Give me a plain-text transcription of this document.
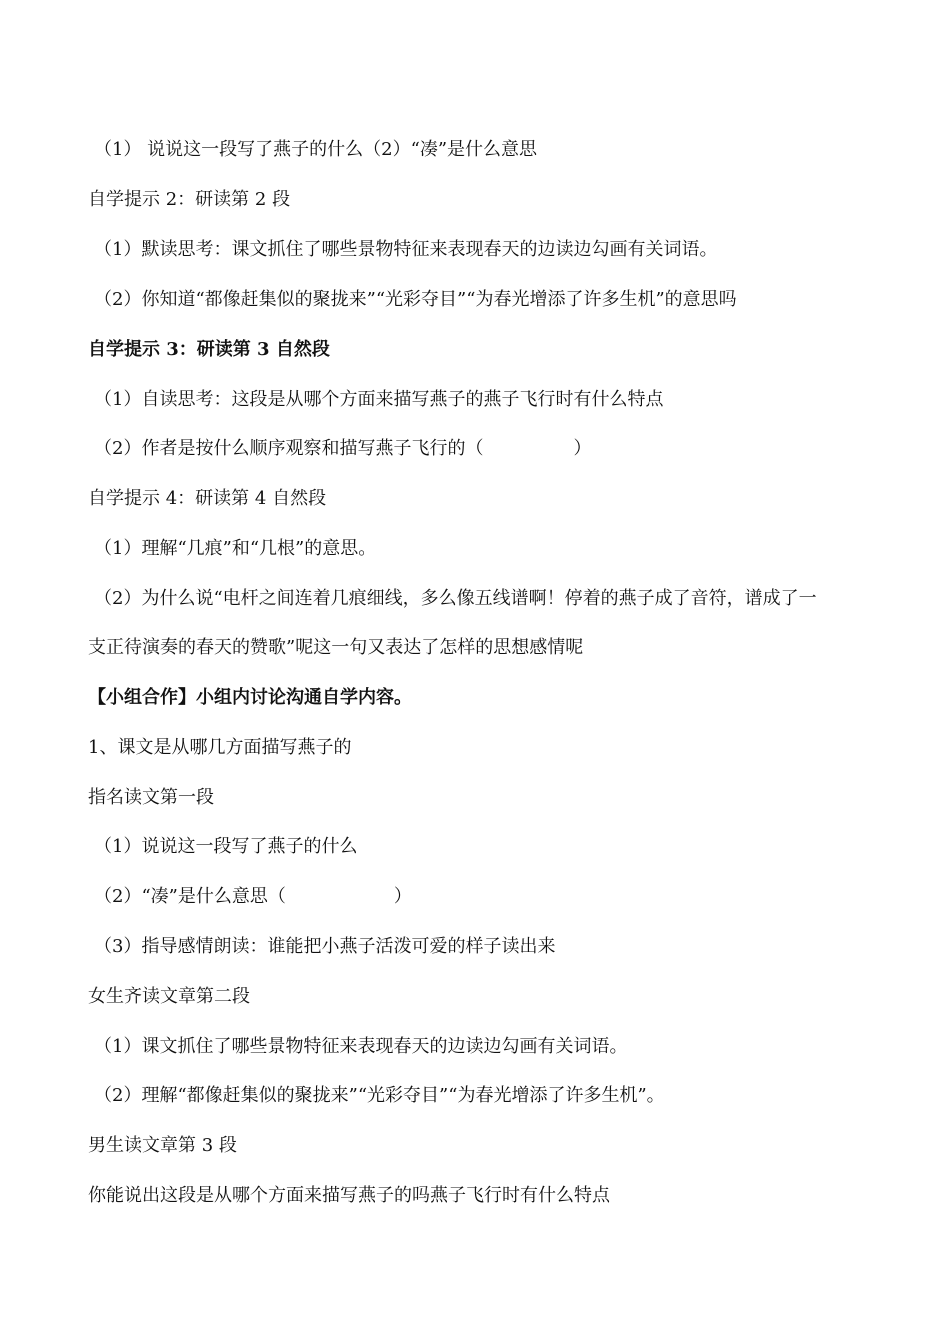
（1） 说说这一段写了燕子的什么（2）“凑”是什么意思
自学提示 2：研读第 2 段
（1）默读思考：课文抓住了哪些景物特征来表现春天的边读边勾画有关词语。
（2）你知道“都像赶集似的聚拢来”“光彩夺目”“为春光增添了许多生机”的意思吗
自学提示 3：研读第 3 自然段
（1）自读思考：这段是从哪个方面来描写燕子的燕子飞行时有什么特点
（2）作者是按什么顺序观察和描写燕子飞行的（　　　　　）
自学提示 4：研读第 4 自然段
（1）理解“几痕”和“几根”的意思。
（2）为什么说“电杆之间连着几痕细线，多么像五线谱啊！停着的燕子成了音符，谱成了一
支正待演奏的春天的赞歌”呢这一句又表达了怎样的思想感情呢
【小组合作】小组内讨论沟通自学内容。
1、课文是从哪几方面描写燕子的
指名读文第一段
（1）说说这一段写了燕子的什么
（2）“凑”是什么意思（　　　　　　）
（3）指导感情朗读：谁能把小燕子活泼可爱的样子读出来
女生齐读文章第二段
（1）课文抓住了哪些景物特征来表现春天的边读边勾画有关词语。
（2）理解“都像赶集似的聚拢来”“光彩夺目”“为春光增添了许多生机”。
男生读文章第 3 段
你能说出这段是从哪个方面来描写燕子的吗燕子飞行时有什么特点
